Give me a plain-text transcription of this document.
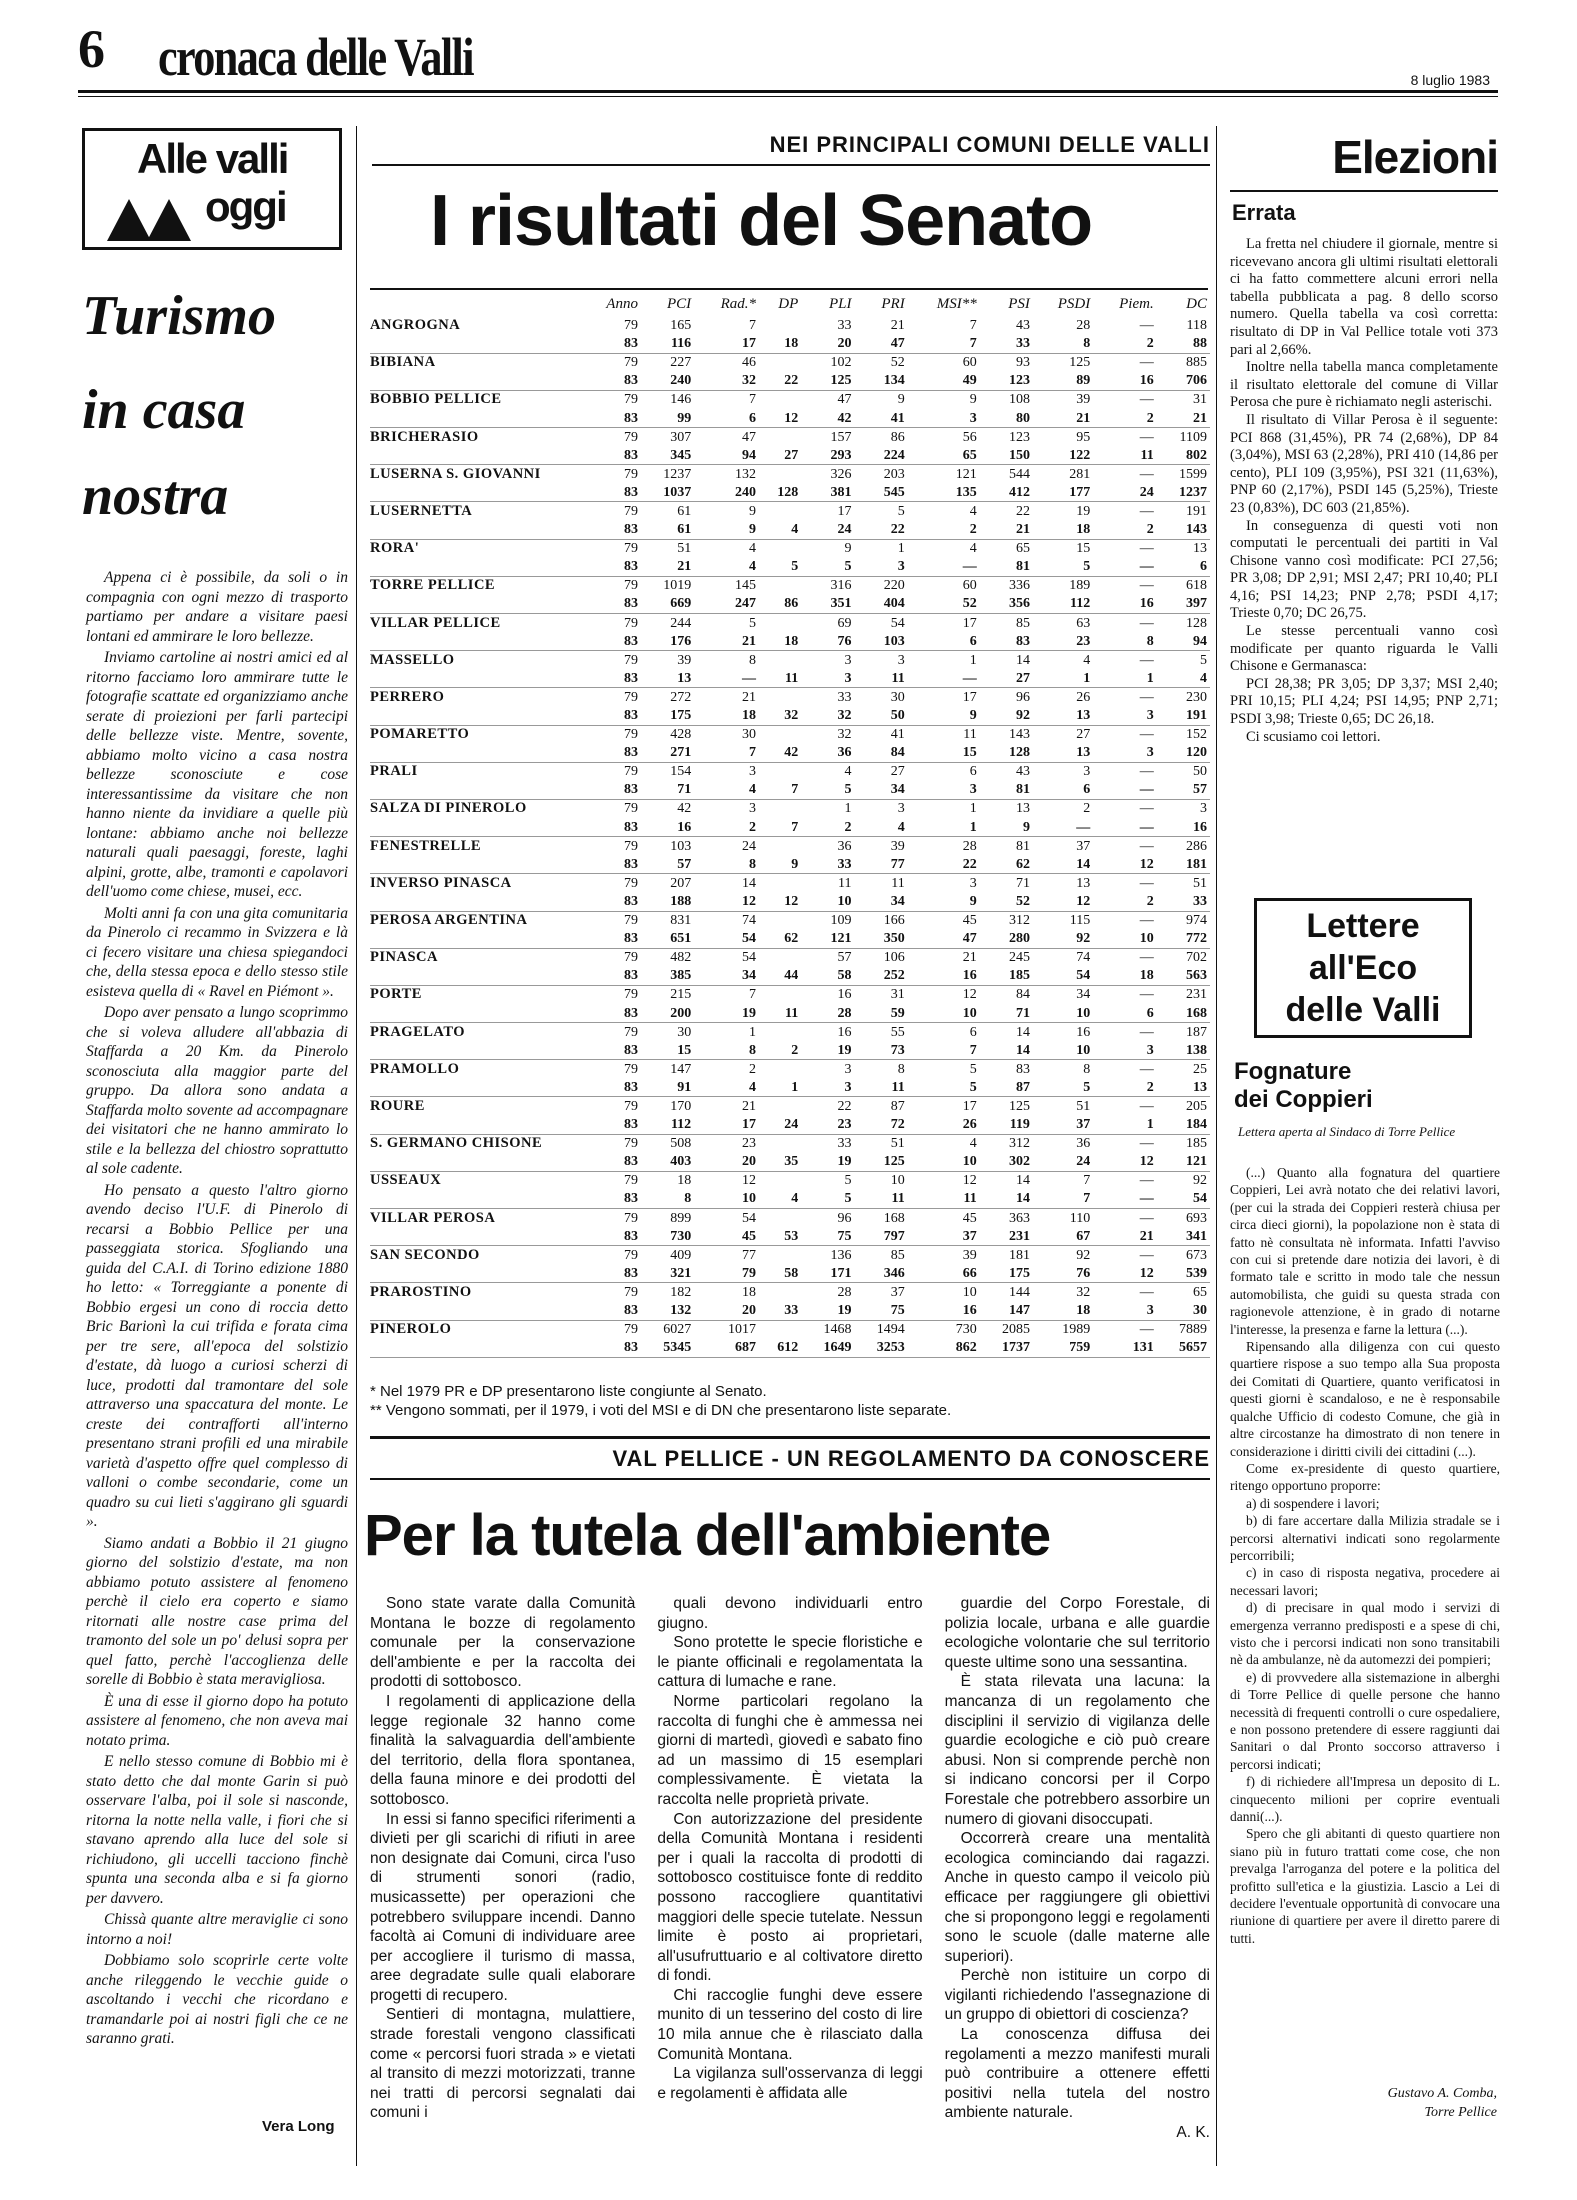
6 cronaca delle Valli	8 luglio 1983
Alle valli
oggi
Turismo
in casa
nostra

Appena ci è possibile, da soli o in compagnia con ogni mezzo di trasporto partiamo per andare a visitare paesi lontani ed ammirare le loro bellezze.

Inviamo cartoline ai nostri amici ed al ritorno facciamo loro ammirare tutte le fotografie scattate ed organizziamo anche serate di proiezioni per farli partecipi delle bellezze viste. Mentre, sovente, abbiamo molto vicino a casa nostra bellezze sconosciute e cose interessantissime da visitare che non hanno niente da invidiare a quelle più lontane: abbiamo anche noi bellezze naturali quali paesaggi, foreste, laghi alpini, grotte, albe, tramonti e capolavori dell'uomo come chiese, musei, ecc.

Molti anni fa con una gita comunitaria da Pinerolo ci recammo in Svizzera e là ci fecero visitare una chiesa spiegandoci che, della stessa epoca e dello stesso stile esisteva quella di « Ravel en Piémont ».

Dopo aver pensato a lungo scoprimmo che si voleva alludere all'abbazia di Staffarda a 20 Km. da Pinerolo sconosciuta alla maggior parte del gruppo. Da allora sono andata a Staffarda molto sovente ad accompagnare dei visitatori che ne hanno ammirato lo stile e la bellezza del chiostro soprattutto al sole cadente.

Ho pensato a questo l'altro giorno avendo deciso l'U.F. di Pinerolo di recarsi a Bobbio Pellice per una passeggiata storica. Sfogliando una guida del C.A.I. di Torino edizione 1880 ho letto: « Torreggiante a ponente di Bobbio ergesi un cono di roccia detto Bric Barionì la cui trifida e forata cima per tre sere, all'epoca del solstizio d'estate, dà luogo a curiosi scherzi di luce, prodotti dal tramontare del sole attraverso una spaccatura del monte. Le creste dei contrafforti all'interno presentano strani profili ed una mirabile varietà d'aspetto offre quel complesso di valloni o combe secondarie, come un quadro su cui lieti s'aggirano gli sguardi ».

Siamo andati a Bobbio il 21 giugno giorno del solstizio d'estate, ma non abbiamo potuto assistere al fenomeno perchè il cielo era coperto e siamo ritornati alle nostre case prima del tramonto del sole un po' delusi sopra per quel fatto, perchè l'accoglienza delle sorelle di Bobbio è stata meravigliosa.

È una di esse il giorno dopo ha potuto assistere al fenomeno, che non aveva mai notato prima.

E nello stesso comune di Bobbio mi è stato detto che dal monte Garin si può osservare l'alba, poi il sole si nasconde, ritorna la notte nella valle, i fiori che si stavano aprendo alla luce del sole si richiudono, gli uccelli tacciono finchè spunta una seconda alba e si fa giorno per davvero.

Chissà quante altre meraviglie ci sono intorno a noi!

Dobbiamo solo scoprirle certe volte anche rileggendo le vecchie guide o ascoltando i vecchi che ricordano e tramandarle poi ai nostri figli che ce ne saranno grati.

Vera Long
NEI PRINCIPALI COMUNI DELLE VALLI
I risultati del Senato
	Anno	PCI	Rad.*	DP	PLI	PRI	MSI**	PSI	PSDI	Piem.	DC
ANGROGNA	79	165	7		33	21	7	43	28	—	118
	83	116	17	18	20	47	7	33	8	2	88
BIBIANA	79	227	46		102	52	60	93	125	—	885
	83	240	32	22	125	134	49	123	89	16	706
BOBBIO PELLICE	79	146	7		47	9	9	108	39	—	31
	83	99	6	12	42	41	3	80	21	2	21
BRICHERASIO	79	307	47		157	86	56	123	95	—	1109
	83	345	94	27	293	224	65	150	122	11	802
LUSERNA S. GIOVANNI	79	1237	132		326	203	121	544	281	—	1599
	83	1037	240	128	381	545	135	412	177	24	1237
LUSERNETTA	79	61	9		17	5	4	22	19	—	191
	83	61	9	4	24	22	2	21	18	2	143
RORA'	79	51	4		9	1	4	65	15	—	13
	83	21	4	5	5	3	—	81	5	—	6
TORRE PELLICE	79	1019	145		316	220	60	336	189	—	618
	83	669	247	86	351	404	52	356	112	16	397
VILLAR PELLICE	79	244	5		69	54	17	85	63	—	128
	83	176	21	18	76	103	6	83	23	8	94
MASSELLO	79	39	8		3	3	1	14	4	—	5
	83	13	—	11	3	11	—	27	1	1	4
PERRERO	79	272	21		33	30	17	96	26	—	230
	83	175	18	32	32	50	9	92	13	3	191
POMARETTO	79	428	30		32	41	11	143	27	—	152
	83	271	7	42	36	84	15	128	13	3	120
PRALI	79	154	3		4	27	6	43	3	—	50
	83	71	4	7	5	34	3	81	6	—	57
SALZA DI PINEROLO	79	42	3		1	3	1	13	2	—	3
	83	16	2	7	2	4	1	9	—	—	16
FENESTRELLE	79	103	24		36	39	28	81	37	—	286
	83	57	8	9	33	77	22	62	14	12	181
INVERSO PINASCA	79	207	14		11	11	3	71	13	—	51
	83	188	12	12	10	34	9	52	12	2	33
PEROSA ARGENTINA	79	831	74		109	166	45	312	115	—	974
	83	651	54	62	121	350	47	280	92	10	772
PINASCA	79	482	54		57	106	21	245	74	—	702
	83	385	34	44	58	252	16	185	54	18	563
PORTE	79	215	7		16	31	12	84	34	—	231
	83	200	19	11	28	59	10	71	10	6	168
PRAGELATO	79	30	1		16	55	6	14	16	—	187
	83	15	8	2	19	73	7	14	10	3	138
PRAMOLLO	79	147	2		3	8	5	83	8	—	25
	83	91	4	1	3	11	5	87	5	2	13
ROURE	79	170	21		22	87	17	125	51	—	205
	83	112	17	24	23	72	26	119	37	1	184
S. GERMANO CHISONE	79	508	23		33	51	4	312	36	—	185
	83	403	20	35	19	125	10	302	24	12	121
USSEAUX	79	18	12		5	10	12	14	7	—	92
	83	8	10	4	5	11	11	14	7	—	54
VILLAR PEROSA	79	899	54		96	168	45	363	110	—	693
	83	730	45	53	75	797	37	231	67	21	341
SAN SECONDO	79	409	77		136	85	39	181	92	—	673
	83	321	79	58	171	346	66	175	76	12	539
PRAROSTINO	79	182	18		28	37	10	144	32	—	65
	83	132	20	33	19	75	16	147	18	3	30
PINEROLO	79	6027	1017		1468	1494	730	2085	1989	—	7889
	83	5345	687	612	1649	3253	862	1737	759	131	5657
* Nel 1979 PR e DP presentarono liste congiunte al Senato.
** Vengono sommati, per il 1979, i voti del MSI e di DN che presentarono liste separate.
VAL PELLICE - UN REGOLAMENTO DA CONOSCERE
Per la tutela dell'ambiente

Sono state varate dalla Comunità Montana le bozze di regolamento comunale per la conservazione dell'ambiente e per la raccolta dei prodotti di sottobosco.

I regolamenti di applicazione della legge regionale 32 hanno come finalità la salvaguardia dell'ambiente del territorio, della flora spontanea, della fauna minore e dei prodotti del sottobosco.

In essi si fanno specifici riferimenti a divieti per gli scarichi di rifiuti in aree non designate dai Comuni, circa l'uso di strumenti sonori (radio, musicassette) per operazioni che potrebbero sviluppare incendi. Danno facoltà ai Comuni di individuare aree per accogliere il turismo di massa, aree degradate sulle quali elaborare progetti di recupero.

Sentieri di montagna, mulattiere, strade forestali vengono classificati come « percorsi fuori strada » e vietati al transito di mezzi motorizzati, tranne nei tratti di percorsi segnalati dai comuni i

quali devono individuarli entro giugno.

Sono protette le specie floristiche e le piante officinali e regolamentata la cattura di lumache e rane.

Norme particolari regolano la raccolta di funghi che è ammessa nei giorni di martedì, giovedì e sabato fino ad un massimo di 15 esemplari complessivamente. È vietata la raccolta nelle proprietà private.

Con autorizzazione del presidente della Comunità Montana i residenti per i quali la raccolta di prodotti di sottobosco costituisce fonte di reddito possono raccogliere quantitativi maggiori delle specie tutelate. Nessun limite è posto ai proprietari, all'usufruttuario e al coltivatore diretto di fondi.

Chi raccoglie funghi deve essere munito di un tesserino del costo di lire 10 mila annue che è rilasciato dalla Comunità Montana.

La vigilanza sull'osservanza di leggi e regolamenti è affidata alle

guardie del Corpo Forestale, di polizia locale, urbana e alle guardie ecologiche volontarie che sul territorio queste ultime sono una sessantina.

È stata rilevata una lacuna: la mancanza di un regolamento che disciplini il servizio di vigilanza delle guardie ecologiche e ciò può creare abusi. Non si comprende perchè non si indicano concorsi per il Corpo Forestale che potrebbero assorbire un numero di giovani disoccupati.

Occorrerà creare una mentalità ecologica cominciando dai ragazzi. Anche in questo campo il veicolo più efficace per raggiungere gli obiettivi che si propongono leggi e regolamenti sono le scuole (dalle materne alle superiori).

Perchè non istituire un corpo di vigilanti richiedendo l'assegnazione di un gruppo di obiettori di coscienza?

La conoscenza diffusa dei regolamenti a mezzo manifesti murali può contribuire a ottenere effetti positivi nella tutela del nostro ambiente naturale.

A. K.
Elezioni
Errata

La fretta nel chiudere il giornale, mentre si ricevevano ancora gli ultimi risultati elettorali ci ha fatto commettere alcuni errori nella tabella pubblicata a pag. 8 dello scorso numero. Quella tabella va così corretta: risultato di DP in Val Pellice totale voti 373 pari al 2,66%.

Inoltre nella tabella manca completamente il risultato elettorale del comune di Villar Perosa che pure è richiamato negli asterischi.

Il risultato di Villar Perosa è il seguente: PCI 868 (31,45%), PR 74 (2,68%), DP 84 (3,04%), MSI 63 (2,28%), PRI 410 (14,86 per cento), PLI 109 (3,95%), PSI 321 (11,63%), PNP 60 (2,17%), PSDI 145 (5,25%), Trieste 23 (0,83%), DC 603 (21,85%).

In conseguenza di questi voti non computati le percentuali dei partiti in Val Chisone vanno così modificate: PCI 27,56; PR 3,08; DP 2,91; MSI 2,47; PRI 10,40; PLI 4,16; PSI 14,23; PNP 2,78; PSDI 4,17; Trieste 0,70; DC 26,75.

Le stesse percentuali vanno così modificate per quanto riguarda le Valli Chisone e Germanasca:

PCI 28,38; PR 3,05; DP 3,37; MSI 2,40; PRI 10,15; PLI 4,24; PSI 14,95; PNP 2,71; PSDI 3,98; Trieste 0,65; DC 26,18.

Ci scusiamo coi lettori.

Lettere
all'Eco
delle Valli
Fognature
dei Coppieri
Lettera aperta al Sindaco di Torre Pellice

(...) Quanto alla fognatura del quartiere Coppieri, Lei avrà notato che dei relativi lavori, (per cui la strada dei Coppieri resterà chiusa per circa dieci giorni), la popolazione non è stata di fatto nè consultata nè informata. Infatti l'avviso con cui si pretende dare notizia dei lavori, è di formato tale e scritto in modo tale che nessun automobilista, che guidi su questa strada con ragionevole attenzione, è in grado di notarne l'interesse, la presenza e farne la lettura (...).

Ripensando alla diligenza con cui questo quartiere rispose a suo tempo alla Sua proposta dei Comitati di Quartiere, quanto verificatosi in questi giorni è scandaloso, e ne è responsabile qualche Ufficio di codesto Comune, che già in altre circostanze ha dimostrato di non tenere in considerazione i diritti civili dei cittadini (...).

Come ex-presidente di questo quartiere, ritengo opportuno proporre:

a) di sospendere i lavori;

b) di fare accertare dalla Milizia stradale se i percorsi alternativi indicati sono regolarmente percorribili;

c) in caso di risposta negativa, procedere ai necessari lavori;

d) di precisare in qual modo i servizi di emergenza verranno predisposti e a spese di chi, visto che i percorsi indicati non sono transitabili nè da ambulanze, nè da automezzi dei pompieri;

e) di provvedere alla sistemazione in alberghi di Torre Pellice di quelle persone che hanno necessità di frequenti controlli o cure ospedaliere, e non possono pretendere di essere raggiunti dai Sanitari o dal Pronto soccorso attraverso i percorsi indicati;

f) di richiedere all'Impresa un deposito di L. cinquecento milioni per coprire eventuali danni(...).

Spero che gli abitanti di questo quartiere non siano più in futuro trattati come cose, che non prevalga l'arroganza del potere e la politica del profitto sull'etica e la giustizia. Lascio a Lei di decidere l'eventuale opportunità di convocare una riunione di quartiere per avere il diretto parere di tutti.

Gustavo A. Comba,
Torre Pellice
